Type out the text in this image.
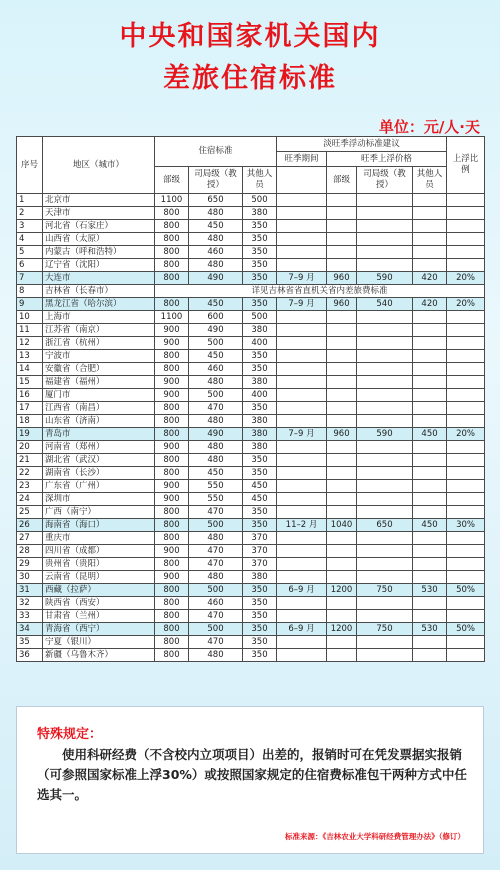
中央和国家机关国内
差旅住宿标准
单位：元/人·天
序号	地区（城市）	住宿标准			淡旺季浮动标准建议				上浮比例
					旺季期间	旺季上浮价格			
		部级	司局级（教授）	其他人员		部级	司局级（教授）	其他人员	
1	北京市	1100	650	500					
2	天津市	800	480	380					
3	河北省（石家庄）	800	450	350					
4	山西省（太原）	800	480	350					
5	内蒙古（呼和浩特）	800	460	350					
6	辽宁省（沈阳）	800	480	350					
7	大连市	800	490	350	7–9 月	960	590	420	20%
8	吉林省（长春市）	详见吉林省省直机关省内差旅费标准							
9	黑龙江省（哈尔滨）	800	450	350	7–9 月	960	540	420	20%
10	上海市	1100	600	500					
11	江苏省（南京）	900	490	380					
12	浙江省（杭州）	900	500	400					
13	宁波市	800	450	350					
14	安徽省（合肥）	800	460	350					
15	福建省（福州）	900	480	380					
16	厦门市	900	500	400					
17	江西省（南昌）	800	470	350					
18	山东省（济南）	800	480	380					
19	青岛市	800	490	380	7–9 月	960	590	450	20%
20	河南省（郑州）	900	480	380					
21	湖北省（武汉）	800	480	350					
22	湖南省（长沙）	800	450	350					
23	广东省（广州）	900	550	450					
24	深圳市	900	550	450					
25	广西（南宁）	800	470	350					
26	海南省（海口）	800	500	350	11–2 月	1040	650	450	30%
27	重庆市	800	480	370					
28	四川省（成都）	900	470	370					
29	贵州省（贵阳）	800	470	370					
30	云南省（昆明）	900	480	380					
31	西藏（拉萨）	800	500	350	6–9 月	1200	750	530	50%
32	陕西省（西安）	800	460	350					
33	甘肃省（兰州）	800	470	350					
34	青海省（西宁）	800	500	350	6–9 月	1200	750	530	50%
35	宁夏（银川）	800	470	350					
36	新疆（乌鲁木齐）	800	480	350					
特殊规定：
使用科研经费（不含校内立项项目）出差的，报销时可在凭发票据实报销（可参照国家标准上浮30%）或按照国家规定的住宿费标准包干两种方式中任选其一。
标准来源：《吉林农业大学科研经费管理办法》（修订）
